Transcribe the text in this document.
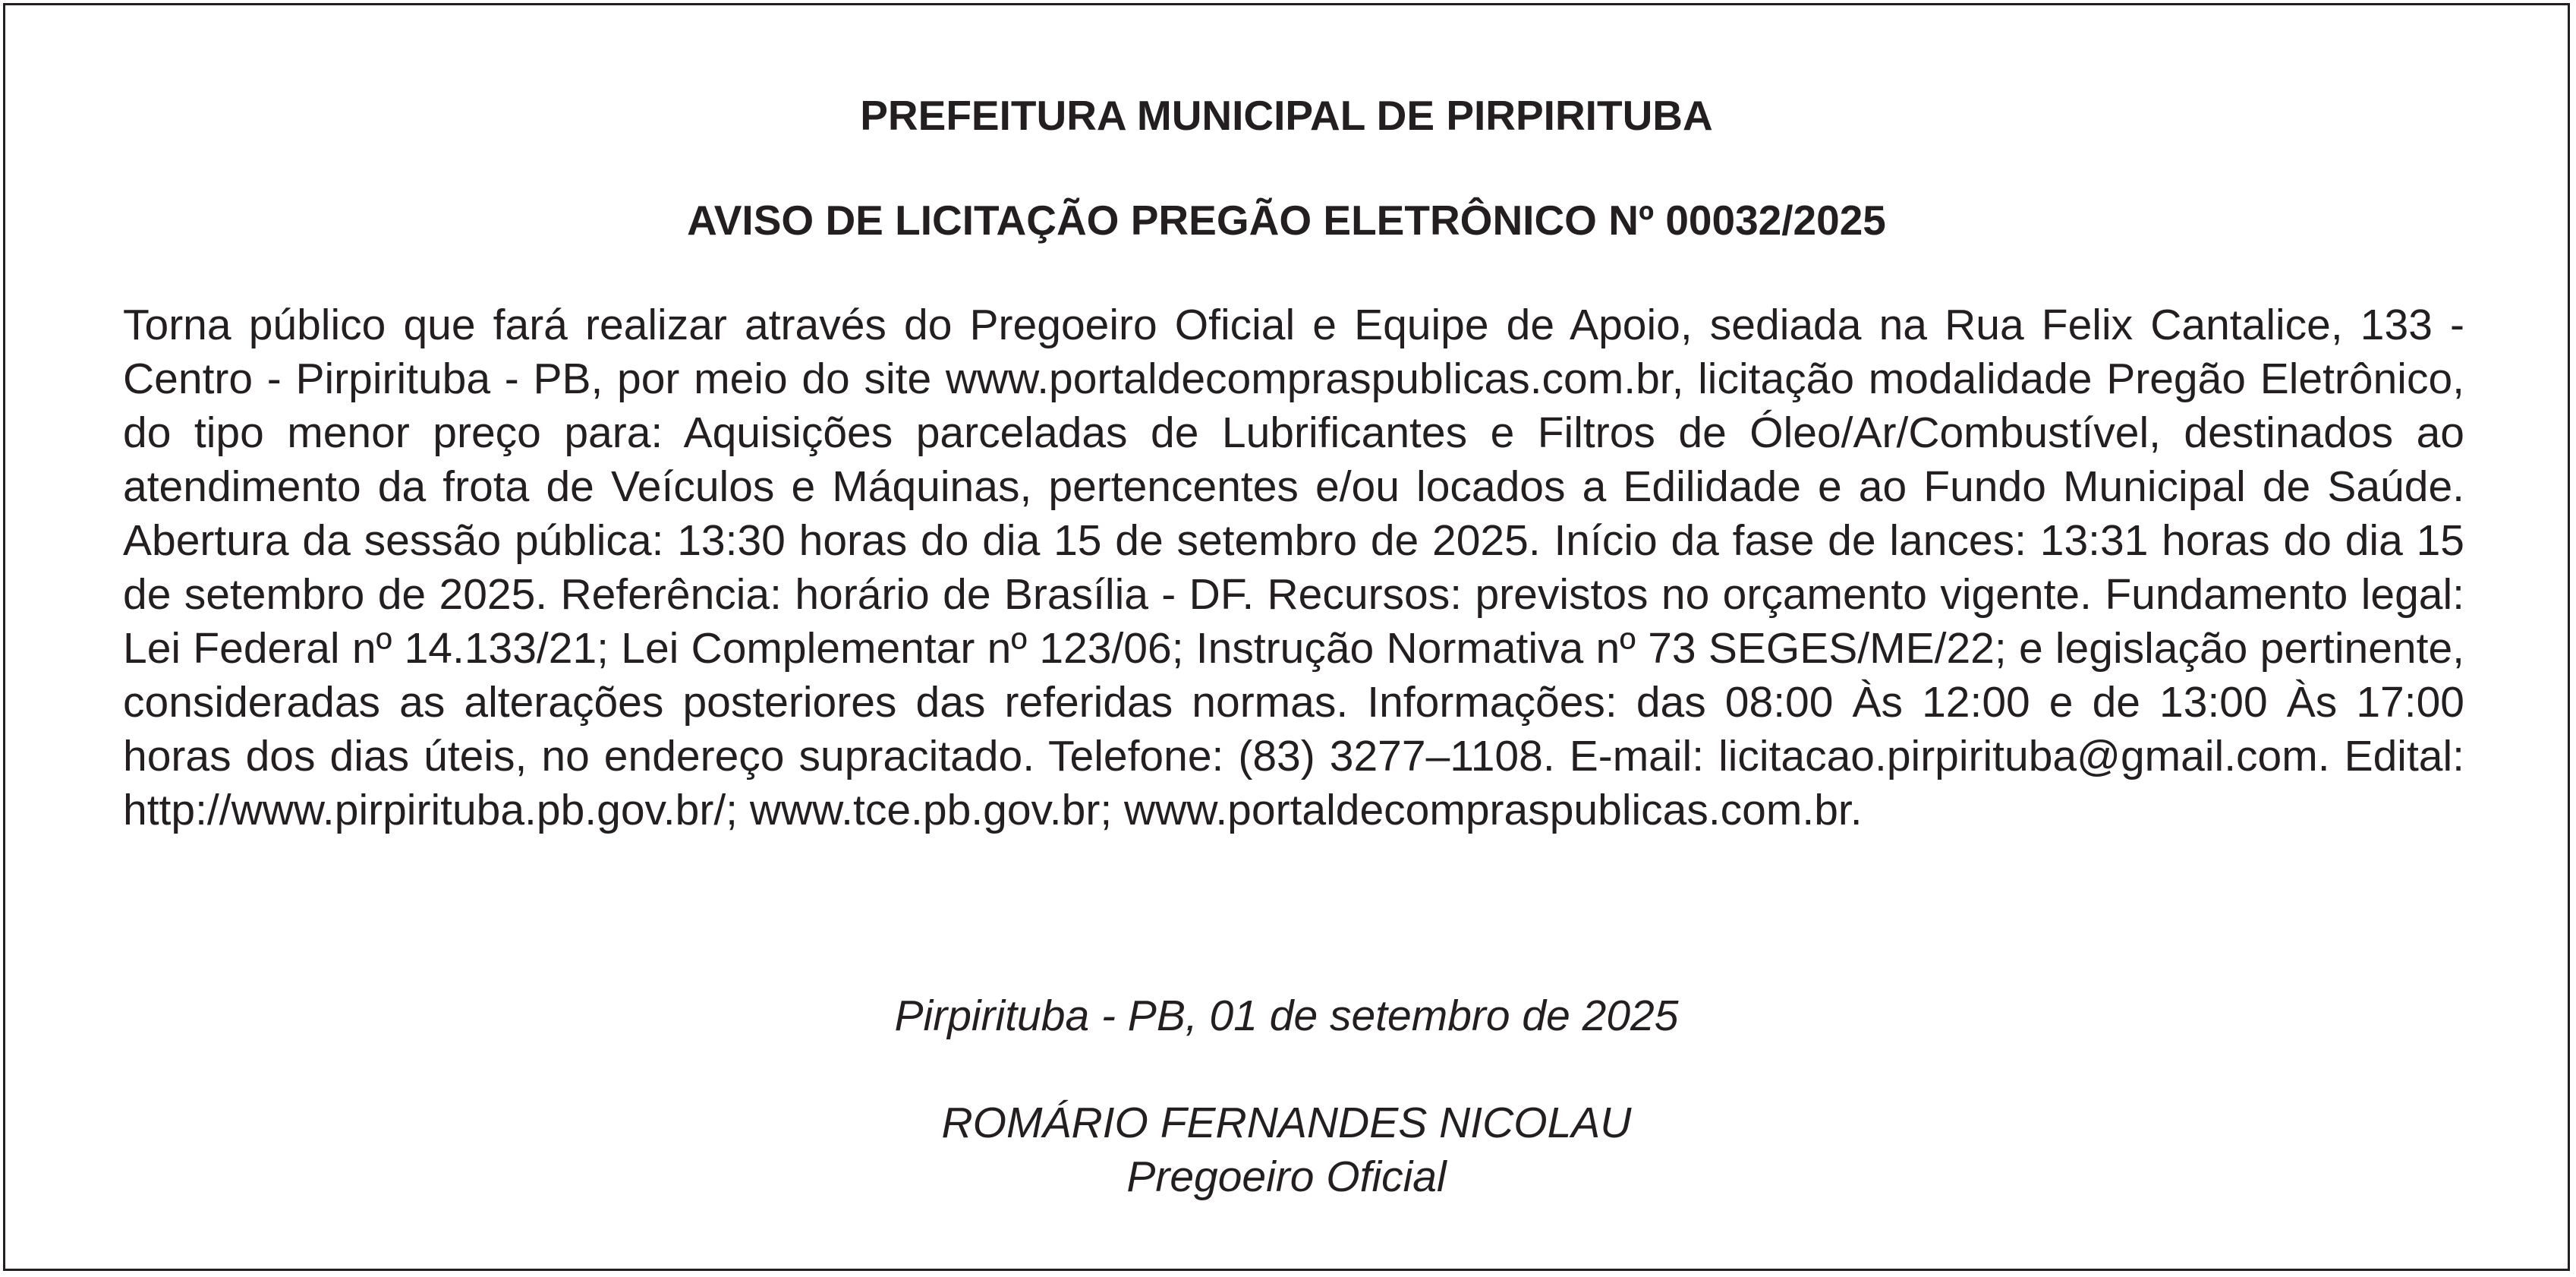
PREFEITURA MUNICIPAL DE PIRPIRITUBA
AVISO DE LICITAÇÃO PREGÃO ELETRÔNICO Nº 00032/2025

Torna público que fará realizar através do Pregoeiro Oficial e Equipe de Apoio, sediada na Rua Felix Cantalice, 133 - Centro - Pirpirituba - PB, por meio do site www.portaldecompraspublicas.com.br, licitação modalidade Pregão Eletrônico, do tipo menor preço para: Aquisições parceladas de Lubrificantes e Filtros de Óleo/Ar/Combustível, destinados ao atendimento da frota de Veículos e Máquinas, pertencentes e/ou locados a Edilidade e ao Fundo Municipal de Saúde. Abertura da sessão pública: 13:30 horas do dia 15 de setembro de 2025. Início da fase de lances: 13:31 horas do dia 15 de setembro de 2025. Referência: horário de Brasília - DF. Recursos: previstos no orçamento vigente. Fundamento legal: Lei Federal nº 14.133/21; Lei Complementar nº 123/06; Instrução Normativa nº 73 SEGES/ME/22; e legislação pertinente, consideradas as alterações posteriores das referidas normas. Informações: das 08:00 Às 12:00 e de 13:00 Às 17:00 horas dos dias úteis, no endereço supracitado. Telefone: (83) 3277–1108. E-mail: licitacao.pirpirituba@gmail.com. Edital: http://www.pirpirituba.pb.gov.br/; www.tce.pb.gov.br; www.portaldecompraspublicas.com.br.

Pirpirituba - PB, 01 de setembro de 2025
ROMÁRIO FERNANDES NICOLAU
Pregoeiro Oficial
